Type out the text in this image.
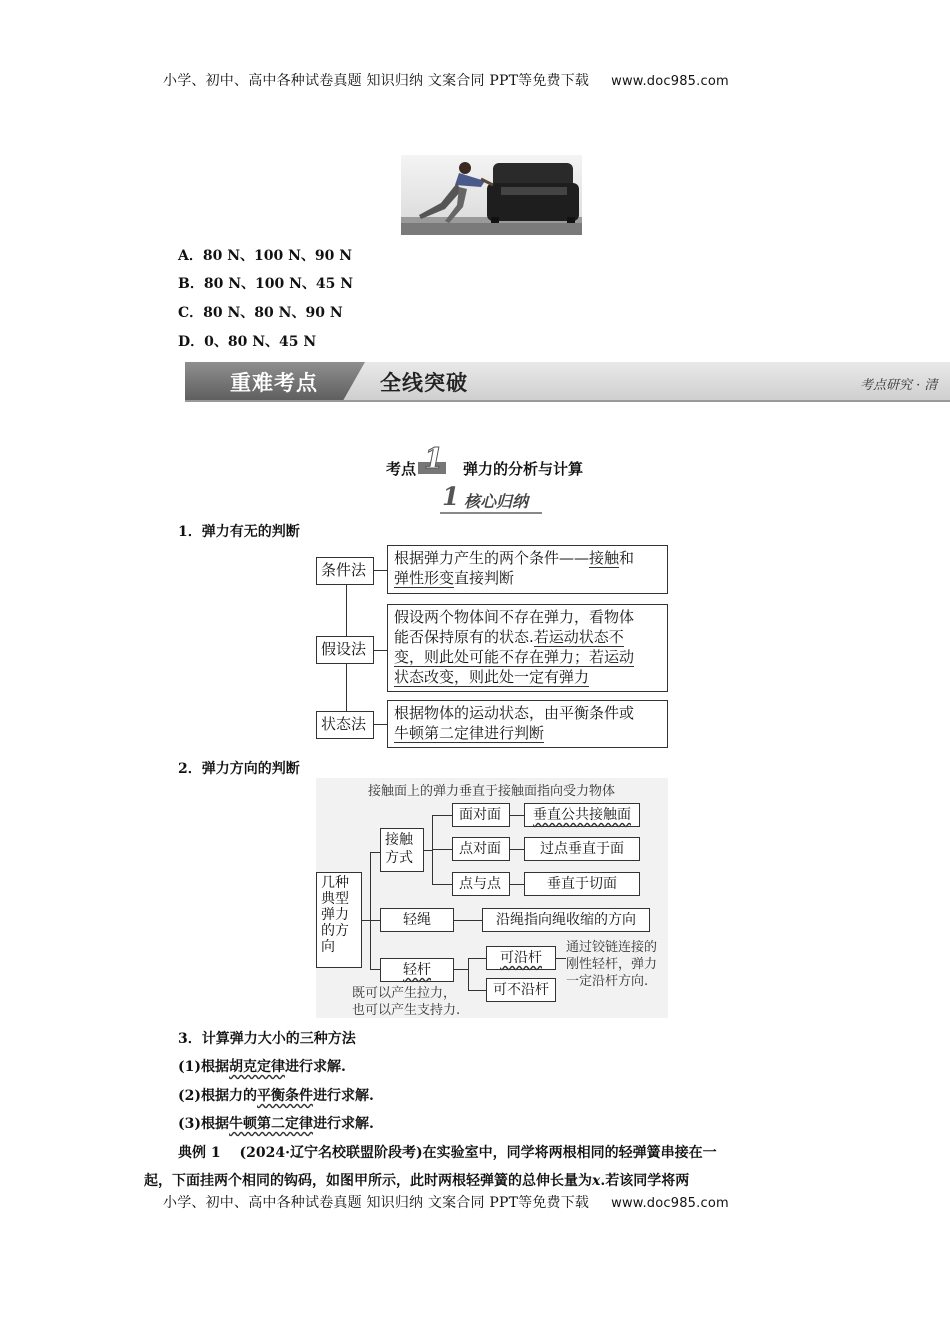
小学、初中、高中各种试卷真题 知识归纳 文案合同 PPT等免费下载 www.doc985.com
A．80 N、100 N、90 N
B．80 N、100 N、45 N
C．80 N、80 N、90 N
D．0、80 N、45 N
重难考点	全线突破	考点研究 · 清
考点 1 弹力的分析与计算
1 核心归纳
1．弹力有无的判断
条件法
根据弹力产生的两个条件——接触和
弹性形变直接判断
假设法
假设两个物体间不存在弹力，看物体
能否保持原有的状态.若运动状态不
变，则此处可能不存在弹力；若运动
状态改变，则此处一定有弹力
状态法
根据物体的运动状态，由平衡条件或
牛顿第二定律进行判断
2．弹力方向的判断
接触面上的弹力垂直于接触面指向受力物体
几种
典型
弹力
的方
向
接触
方式
面对面	垂直公共接触面
点对面	过点垂直于面
点与点	垂直于切面
轻绳	沿绳指向绳收缩的方向
轻杆
可沿杆
可不沿杆
通过铰链连接的
刚性轻杆，弹力
一定沿杆方向.
既可以产生拉力，
也可以产生支持力.
3．计算弹力大小的三种方法
(1)根据胡克定律进行求解.
(2)根据力的平衡条件进行求解.
(3)根据牛顿第二定律进行求解.
典例 1 (2024·辽宁名校联盟阶段考)在实验室中，同学将两根相同的轻弹簧串接在一
起，下面挂两个相同的钩码，如图甲所示，此时两根轻弹簧的总伸长量为x.若该同学将两
小学、初中、高中各种试卷真题 知识归纳 文案合同 PPT等免费下载 www.doc985.com
